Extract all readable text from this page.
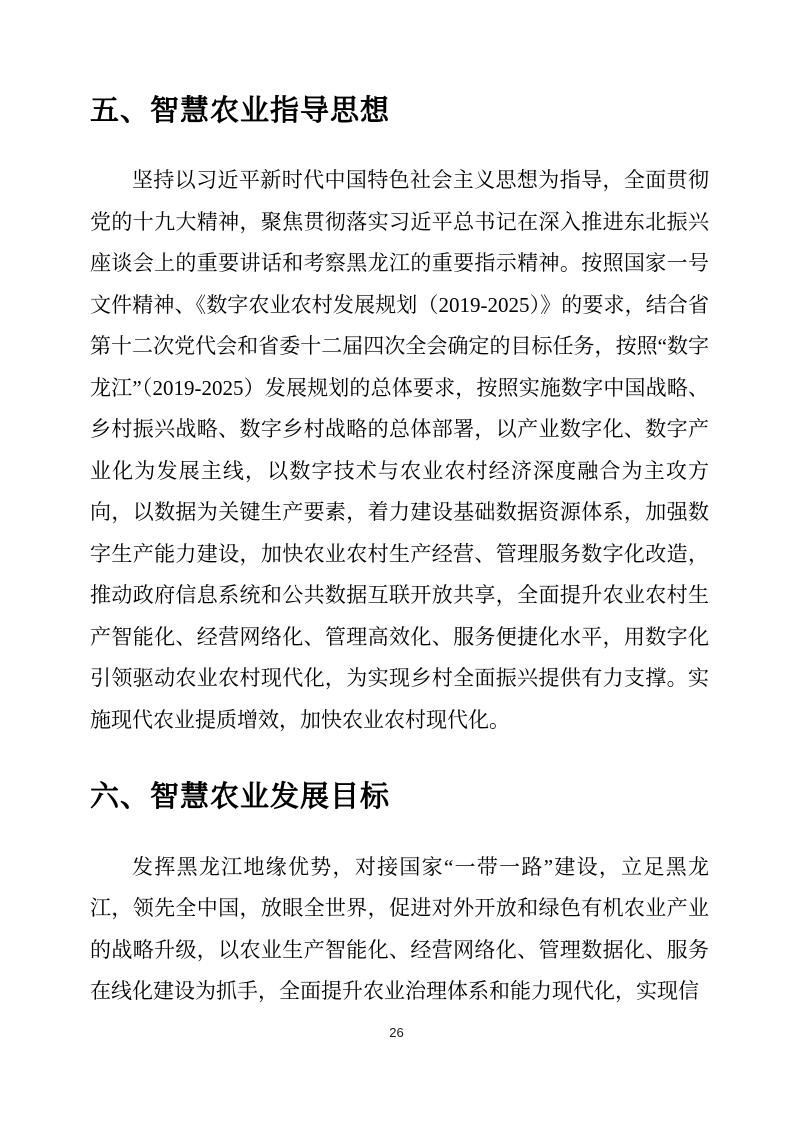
五、智慧农业指导思想

坚持以习近平新时代中国特色社会主义思想为指导，全面贯彻党的十九大精神，聚焦贯彻落实习近平总书记在深入推进东北振兴座谈会上的重要讲话和考察黑龙江的重要指示精神。按照国家一号文件精神、《数字农业农村发展规划（2019-2025）》的要求，结合省第十二次党代会和省委十二届四次全会确定的目标任务，按照“数字龙江”（2019-2025）发展规划的总体要求，按照实施数字中国战略、乡村振兴战略、数字乡村战略的总体部署，以产业数字化、数字产业化为发展主线，以数字技术与农业农村经济深度融合为主攻方向，以数据为关键生产要素，着力建设基础数据资源体系，加强数字生产能力建设，加快农业农村生产经营、管理服务数字化改造，推动政府信息系统和公共数据互联开放共享，全面提升农业农村生产智能化、经营网络化、管理高效化、服务便捷化水平，用数字化引领驱动农业农村现代化，为实现乡村全面振兴提供有力支撑。实施现代农业提质增效，加快农业农村现代化。

六、智慧农业发展目标

发挥黑龙江地缘优势，对接国家“一带一路”建设，立足黑龙江，领先全中国，放眼全世界，促进对外开放和绿色有机农业产业的战略升级，以农业生产智能化、经营网络化、管理数据化、服务在线化建设为抓手，全面提升农业治理体系和能力现代化，实现信

26
